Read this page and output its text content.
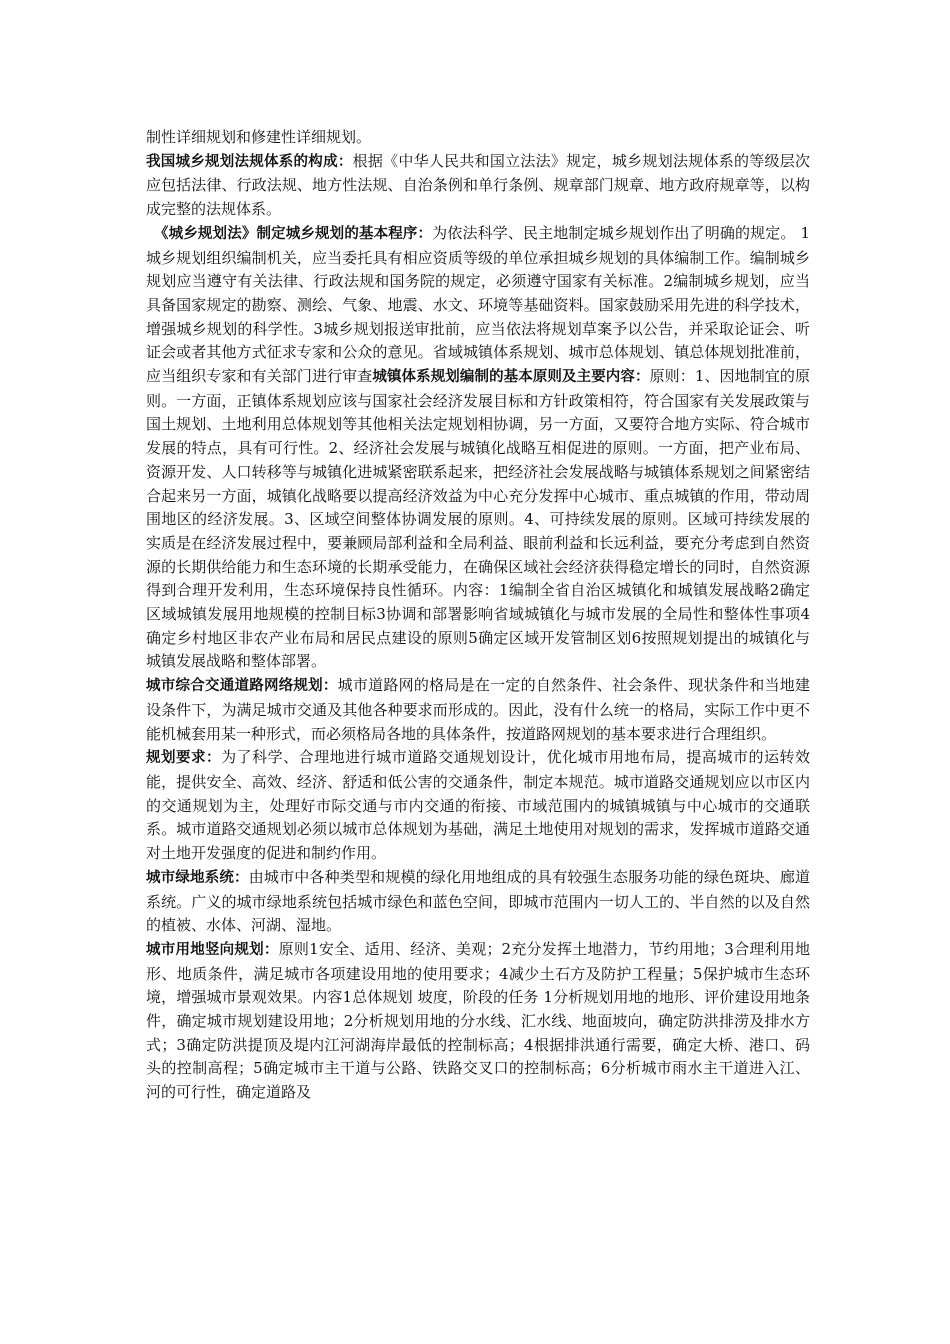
制性详细规划和修建性详细规划。

我国城乡规划法规体系的构成：根据《中华人民共和国立法法》规定，城乡规划法规体系的等级层次应包括法律、行政法规、地方性法规、自治条例和单行条例、规章部门规章、地方政府规章等，以构成完整的法规体系。

《城乡规划法》制定城乡规划的基本程序：为依法科学、民主地制定城乡规划作出了明确的规定。 1城乡规划组织编制机关，应当委托具有相应资质等级的单位承担城乡规划的具体编制工作。编制城乡规划应当遵守有关法律、行政法规和国务院的规定，必须遵守国家有关标准。2编制城乡规划，应当具备国家规定的勘察、测绘、气象、地震、水文、环境等基础资料。国家鼓励采用先进的科学技术，增强城乡规划的科学性。3城乡规划报送审批前，应当依法将规划草案予以公告，并采取论证会、听证会或者其他方式征求专家和公众的意见。省域城镇体系规划、城市总体规划、镇总体规划批准前，应当组织专家和有关部门进行审查城镇体系规划编制的基本原则及主要内容：原则：1、因地制宜的原则。一方面，正镇体系规划应该与国家社会经济发展目标和方针政策相符，符合国家有关发展政策与国土规划、土地利用总体规划等其他相关法定规划相协调，另一方面，又要符合地方实际、符合城市发展的特点，具有可行性。2、经济社会发展与城镇化战略互相促进的原则。一方面，把产业布局、资源开发、人口转移等与城镇化进城紧密联系起来，把经济社会发展战略与城镇体系规划之间紧密结合起来另一方面，城镇化战略要以提高经济效益为中心充分发挥中心城市、重点城镇的作用，带动周围地区的经济发展。3、区域空间整体协调发展的原则。4、可持续发展的原则。区域可持续发展的实质是在经济发展过程中，要兼顾局部利益和全局利益、眼前利益和长远利益，要充分考虑到自然资源的长期供给能力和生态环境的长期承受能力，在确保区域社会经济获得稳定增长的同时，自然资源得到合理开发利用，生态环境保持良性循环。内容：1编制全省自治区城镇化和城镇发展战略2确定区域城镇发展用地规模的控制目标3协调和部署影响省域城镇化与城市发展的全局性和整体性事项4确定乡村地区非农产业布局和居民点建设的原则5确定区域开发管制区划6按照规划提出的城镇化与城镇发展战略和整体部署。

城市综合交通道路网络规划：城市道路网的格局是在一定的自然条件、社会条件、现状条件和当地建设条件下，为满足城市交通及其他各种要求而形成的。因此，没有什么统一的格局，实际工作中更不能机械套用某一种形式，而必须格局各地的具体条件，按道路网规划的基本要求进行合理组织。

规划要求：为了科学、合理地进行城市道路交通规划设计，优化城市用地布局，提高城市的运转效能，提供安全、高效、经济、舒适和低公害的交通条件，制定本规范。城市道路交通规划应以市区内的交通规划为主，处理好市际交通与市内交通的衔接、市域范围内的城镇城镇与中心城市的交通联系。城市道路交通规划必须以城市总体规划为基础，满足土地使用对规划的需求，发挥城市道路交通对土地开发强度的促进和制约作用。

城市绿地系统：由城市中各种类型和规模的绿化用地组成的具有较强生态服务功能的绿色斑块、廊道系统。广义的城市绿地系统包括城市绿色和蓝色空间，即城市范围内一切人工的、半自然的以及自然的植被、水体、河湖、湿地。

城市用地竖向规划：原则1安全、适用、经济、美观；2充分发挥土地潜力，节约用地；3合理利用地形、地质条件，满足城市各项建设用地的使用要求；4减少土石方及防护工程量；5保护城市生态环境，增强城市景观效果。内容1总体规划 坡度，阶段的任务 1分析规划用地的地形、评价建设用地条件，确定城市规划建设用地；2分析规划用地的分水线、汇水线、地面坡向，确定防洪排涝及排水方式；3确定防洪提顶及堤内江河湖海岸最低的控制标高；4根据排洪通行需要，确定大桥、港口、码头的控制高程；5确定城市主干道与公路、铁路交叉口的控制标高；6分析城市雨水主干道进入江、河的可行性，确定道路及
